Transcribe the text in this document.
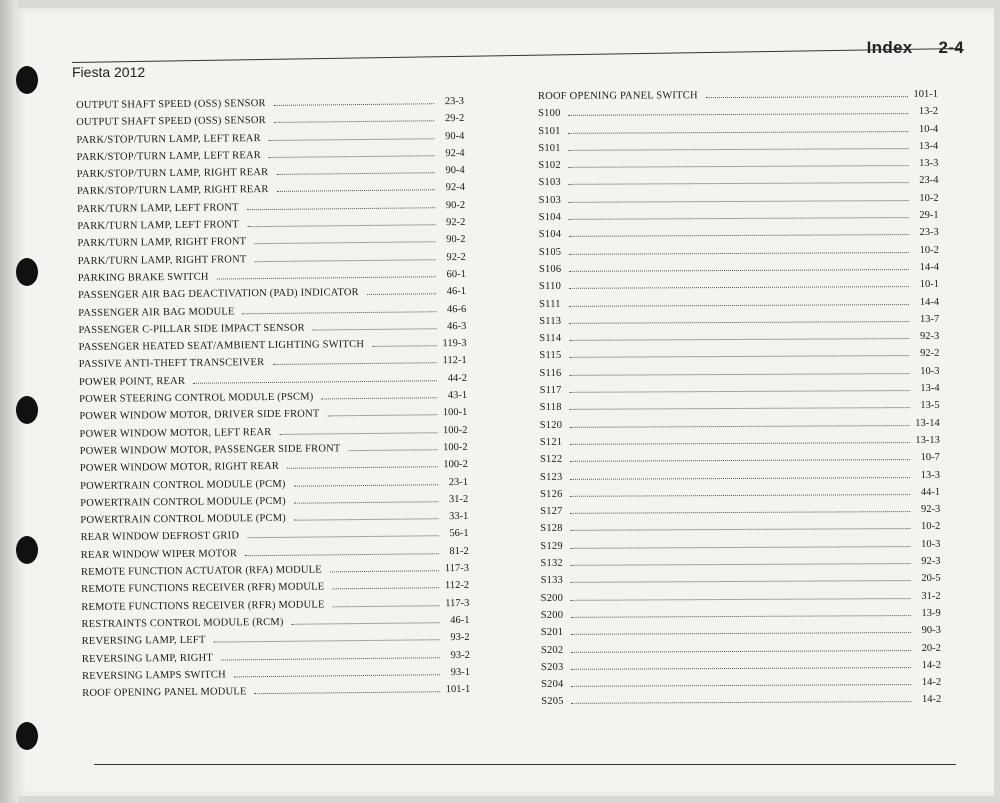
Index 2-4
Fiesta 2012
OUTPUT SHAFT SPEED (OSS) SENSOR	23-3
OUTPUT SHAFT SPEED (OSS) SENSOR	29-2
PARK/STOP/TURN LAMP, LEFT REAR	90-4
PARK/STOP/TURN LAMP, LEFT REAR	92-4
PARK/STOP/TURN LAMP, RIGHT REAR	90-4
PARK/STOP/TURN LAMP, RIGHT REAR	92-4
PARK/TURN LAMP, LEFT FRONT	90-2
PARK/TURN LAMP, LEFT FRONT	92-2
PARK/TURN LAMP, RIGHT FRONT	90-2
PARK/TURN LAMP, RIGHT FRONT	92-2
PARKING BRAKE SWITCH	60-1
PASSENGER AIR BAG DEACTIVATION (PAD) INDICATOR	46-1
PASSENGER AIR BAG MODULE	46-6
PASSENGER C-PILLAR SIDE IMPACT SENSOR	46-3
PASSENGER HEATED SEAT/AMBIENT LIGHTING SWITCH	119-3
PASSIVE ANTI-THEFT TRANSCEIVER	112-1
POWER POINT, REAR	44-2
POWER STEERING CONTROL MODULE (PSCM)	43-1
POWER WINDOW MOTOR, DRIVER SIDE FRONT	100-1
POWER WINDOW MOTOR, LEFT REAR	100-2
POWER WINDOW MOTOR, PASSENGER SIDE FRONT	100-2
POWER WINDOW MOTOR, RIGHT REAR	100-2
POWERTRAIN CONTROL MODULE (PCM)	23-1
POWERTRAIN CONTROL MODULE (PCM)	31-2
POWERTRAIN CONTROL MODULE (PCM)	33-1
REAR WINDOW DEFROST GRID	56-1
REAR WINDOW WIPER MOTOR	81-2
REMOTE FUNCTION ACTUATOR (RFA) MODULE	117-3
REMOTE FUNCTIONS RECEIVER (RFR) MODULE	112-2
REMOTE FUNCTIONS RECEIVER (RFR) MODULE	117-3
RESTRAINTS CONTROL MODULE (RCM)	46-1
REVERSING LAMP, LEFT	93-2
REVERSING LAMP, RIGHT	93-2
REVERSING LAMPS SWITCH	93-1
ROOF OPENING PANEL MODULE	101-1
ROOF OPENING PANEL SWITCH	101-1
S100	13-2
S101	10-4
S101	13-4
S102	13-3
S103	23-4
S103	10-2
S104	29-1
S104	23-3
S105	10-2
S106	14-4
S110	10-1
S111	14-4
S113	13-7
S114	92-3
S115	92-2
S116	10-3
S117	13-4
S118	13-5
S120	13-14
S121	13-13
S122	10-7
S123	13-3
S126	44-1
S127	92-3
S128	10-2
S129	10-3
S132	92-3
S133	20-5
S200	31-2
S200	13-9
S201	90-3
S202	20-2
S203	14-2
S204	14-2
S205	14-2
